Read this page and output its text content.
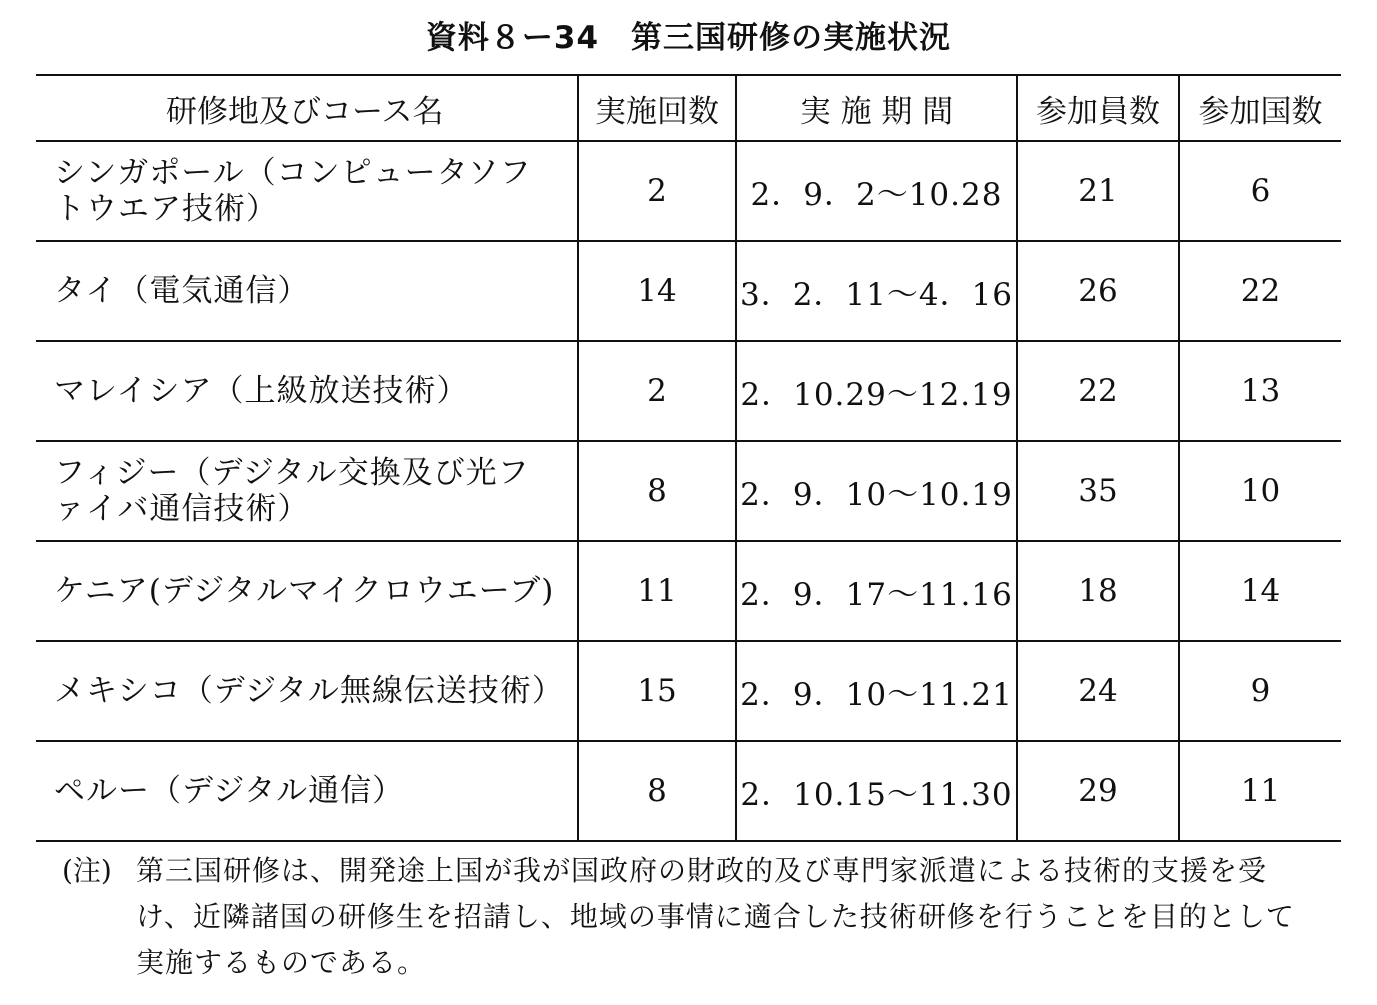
資料８ー34　第三国研修の実施状況
研修地及びコース名	実施回数	実 施 期 間	参加員数	参加国数
シンガポール（コンピュータソフトウエア技術）	2	2．9．2～10.28	21	6
タイ（電気通信）	14	3．2．11～4．16	26	22
マレイシア（上級放送技術）	2	2．10.29～12.19	22	13
フィジー（デジタル交換及び光ファイバ通信技術）	8	2．9．10～10.19	35	10
ケニア(デジタルマイクロウエーブ)	11	2．9．17～11.16	18	14
メキシコ（デジタル無線伝送技術）	15	2．9．10～11.21	24	9
ペルー（デジタル通信）	8	2．10.15～11.30	29	11
(注) 第三国研修は、開発途上国が我が国政府の財政的及び専門家派遣による技術的支援を受け、近隣諸国の研修生を招請し、地域の事情に適合した技術研修を行うことを目的として実施するものである。
